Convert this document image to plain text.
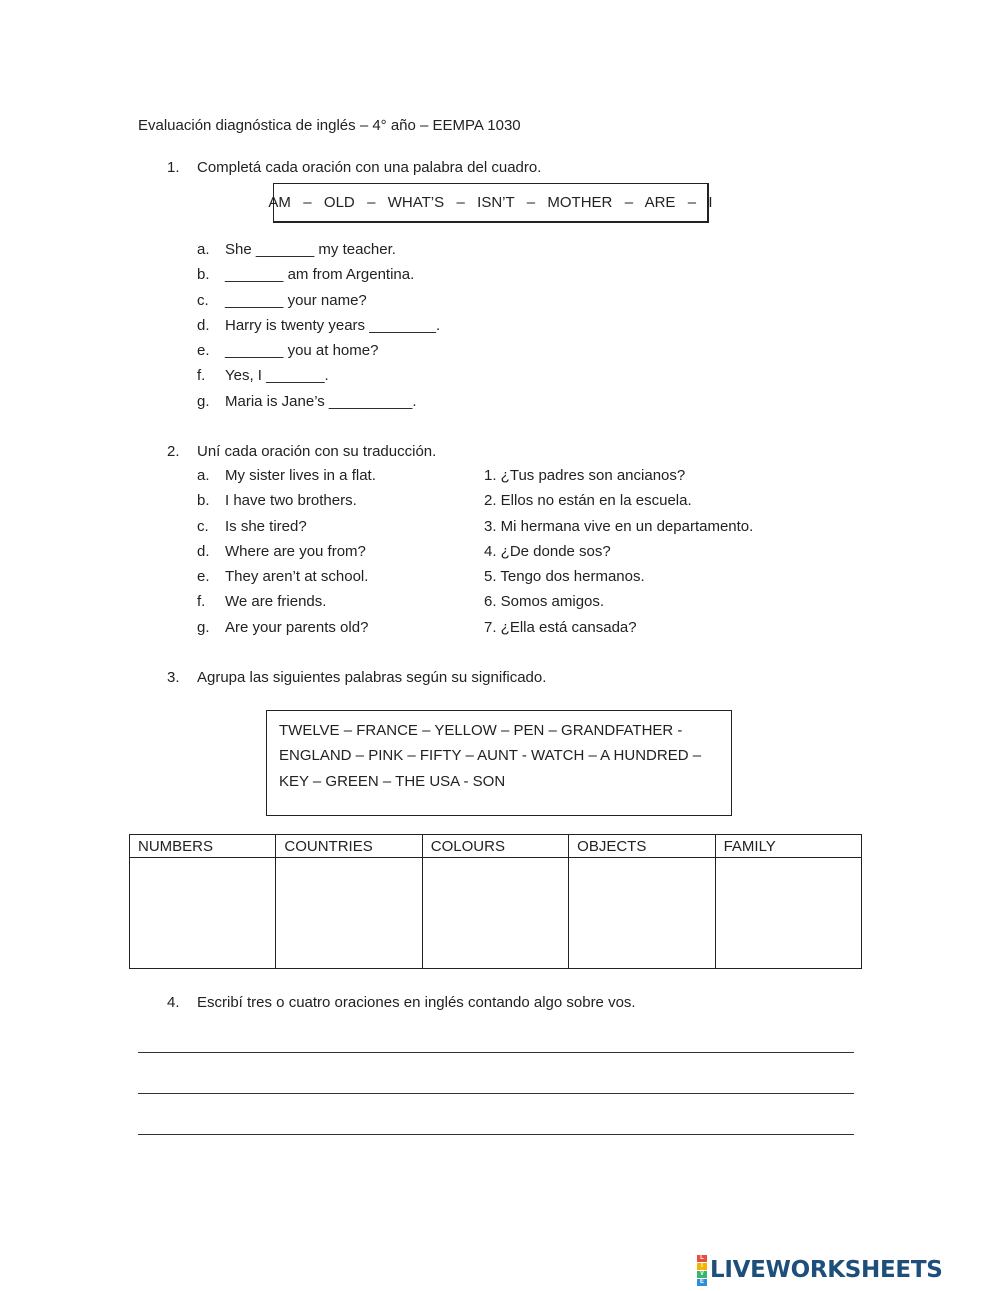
Evaluación diagnóstica de inglés – 4° año – EEMPA 1030
1. Completá cada oración con una palabra del cuadro.
AM  –  OLD  –  WHAT’S  –  ISN’T  –  MOTHER  –  ARE  –  I
a.	She _______ my teacher.
b.	_______ am from Argentina.
c.	_______ your name?
d.	Harry is twenty years ________.
e.	_______ you at home?
f.	Yes, I _______.
g.	Maria is Jane’s __________.
2. Uní cada oración con su traducción.
a.	My sister lives in a flat.	1. ¿Tus padres son ancianos?
b.	I have two brothers.	2. Ellos no están en la escuela.
c.	Is she tired?	3. Mi hermana vive en un departamento.
d.	Where are you from?	4. ¿De donde sos?
e.	They aren’t at school.	5. Tengo dos hermanos.
f.	We are friends.	6. Somos amigos.
g.	Are your parents old?	7. ¿Ella está cansada?
3. Agrupa las siguientes palabras según su significado.
TWELVE – FRANCE – YELLOW – PEN – GRANDFATHER -
ENGLAND – PINK – FIFTY – AUNT - WATCH – A HUNDRED –
KEY – GREEN – THE USA - SON
NUMBERS	COUNTRIES	COLOURS	OBJECTS	FAMILY

4. Escribí tres o cuatro oraciones en inglés contando algo sobre vos.
L
I
V
E LIVEWORKSHEETS
